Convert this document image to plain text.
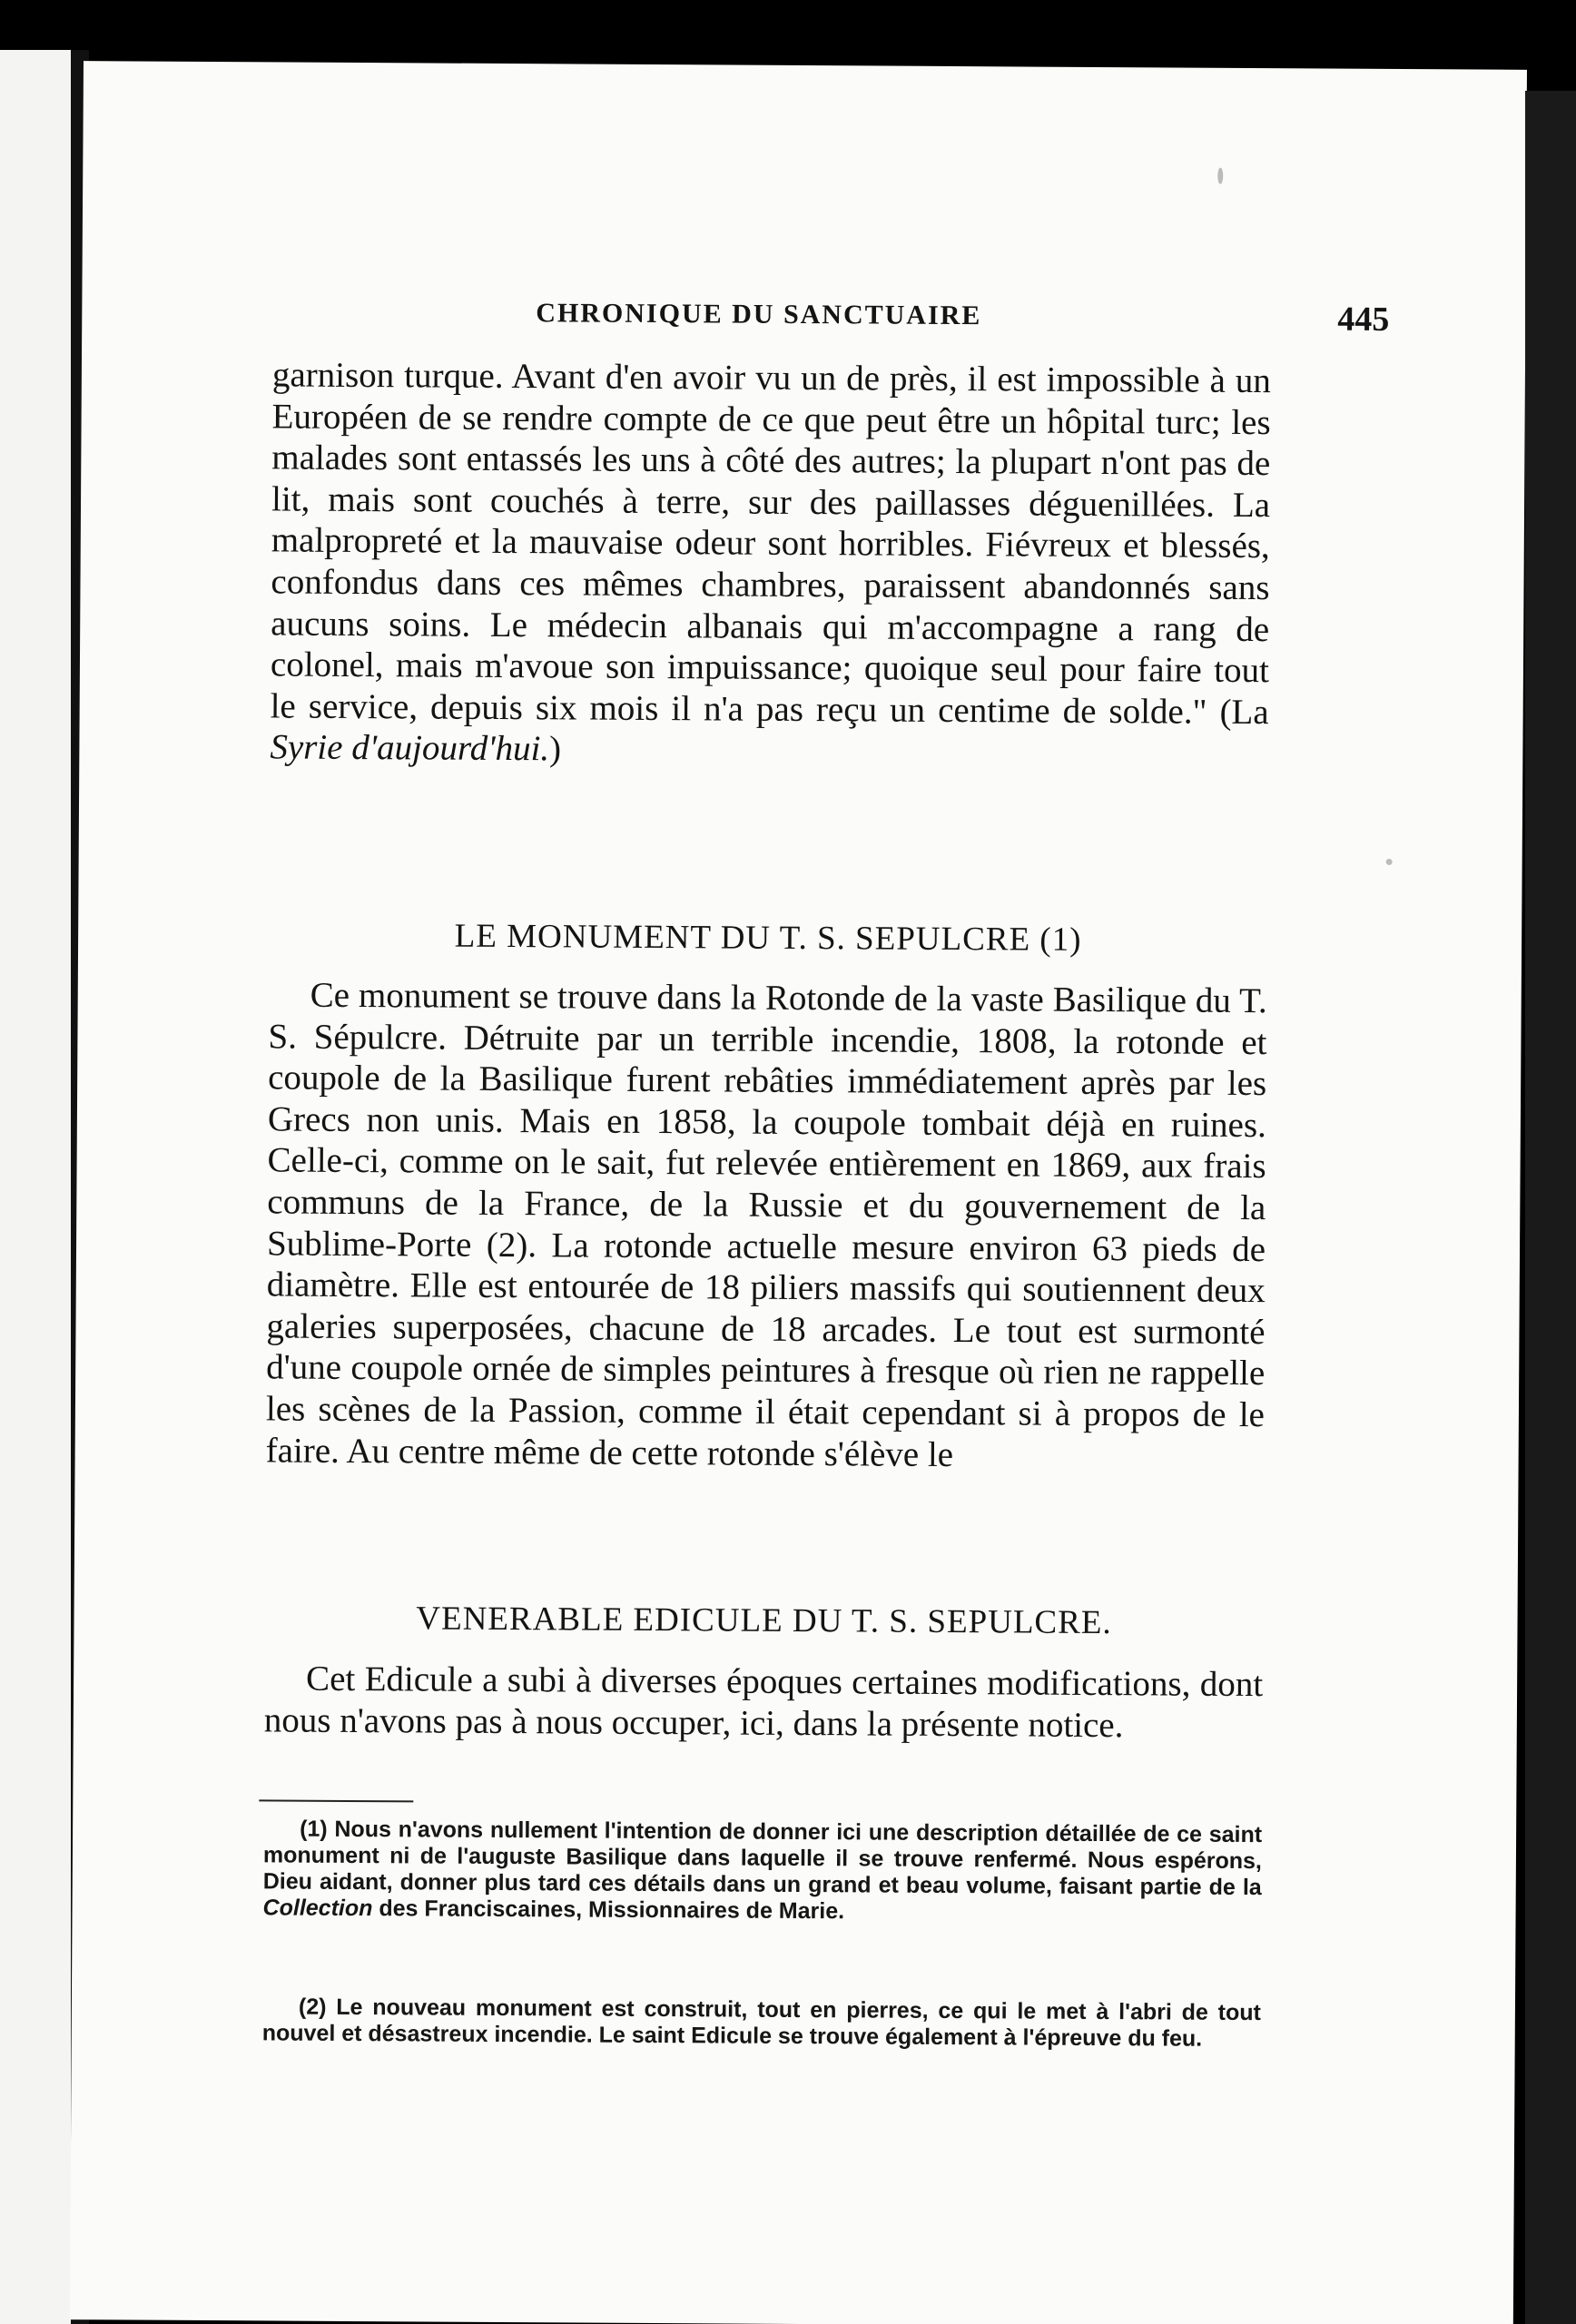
CHRONIQUE DU SANCTUAIRE	445

garnison turque. Avant d'en avoir vu un de près, il est impossible à un Européen de se rendre compte de ce que peut être un hôpital turc; les malades sont entassés les uns à côté des autres; la plupart n'ont pas de lit, mais sont couchés à terre, sur des paillasses déguenillées. La malpropreté et la mauvaise odeur sont horribles. Fiévreux et blessés, confondus dans ces mêmes chambres, paraissent abandonnés sans aucuns soins. Le médecin albanais qui m'accompagne a rang de colonel, mais m'avoue son impuissance; quoique seul pour faire tout le service, depuis six mois il n'a pas reçu un centime de solde." (La Syrie d'aujourd'hui.)

LE MONUMENT DU T. S. SEPULCRE (1)

Ce monument se trouve dans la Rotonde de la vaste Basilique du T. S. Sépulcre. Détruite par un terrible incendie, 1808, la rotonde et coupole de la Basilique furent rebâties immédiatement après par les Grecs non unis. Mais en 1858, la coupole tombait déjà en ruines. Celle-ci, comme on le sait, fut relevée entièrement en 1869, aux frais communs de la France, de la Russie et du gouvernement de la Sublime-Porte (2). La rotonde actuelle mesure environ 63 pieds de diamètre. Elle est entourée de 18 piliers massifs qui soutiennent deux galeries superposées, chacune de 18 arcades. Le tout est surmonté d'une coupole ornée de simples peintures à fresque où rien ne rappelle les scènes de la Passion, comme il était cependant si à propos de le faire. Au centre même de cette rotonde s'élève le

VENERABLE EDICULE DU T. S. SEPULCRE.

Cet Edicule a subi à diverses époques certaines modifications, dont nous n'avons pas à nous occuper, ici, dans la présente notice.

(1) Nous n'avons nullement l'intention de donner ici une description détaillée de ce saint monument ni de l'auguste Basilique dans laquelle il se trouve renfermé. Nous espérons, Dieu aidant, donner plus tard ces détails dans un grand et beau volume, faisant partie de la Collection des Franciscaines, Missionnaires de Marie.

(2) Le nouveau monument est construit, tout en pierres, ce qui le met à l'abri de tout nouvel et désastreux incendie. Le saint Edicule se trouve également à l'épreuve du feu.
